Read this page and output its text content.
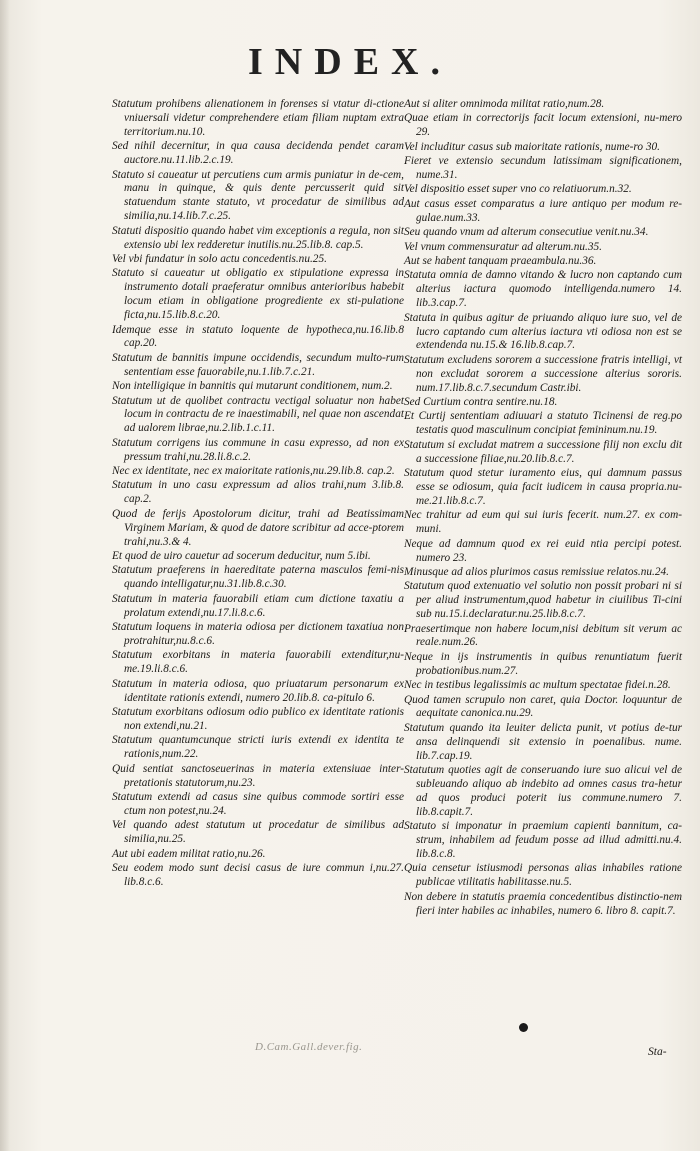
INDEX.

Statutum prohibens alienationem in forenses si vtatur di-ctione vniuersali videtur comprehendere etiam filiam nuptam extra territorium.nu.10.

Sed nihil decernitur, in qua causa decidenda pendet caram auctore.nu.11.lib.2.c.19.

Statuto si caueatur ut percutiens cum armis puniatur in de-cem, manu in quinque, & quis dente percusserit quid sit statuendum stante statuto, vt procedatur de similibus ad similia,nu.14.lib.7.c.25.

Statuti dispositio quando habet vim exceptionis a regula, non sit extensio ubi lex redderetur inutilis.nu.25.lib.8. cap.5.

Vel vbi fundatur in solo actu concedentis.nu.25.

Statuto si caueatur ut obligatio ex stipulatione expressa in instrumento dotali praeferatur omnibus anterioribus habebit locum etiam in obligatione progrediente ex sti-pulatione ficta,nu.15.lib.8.c.20.

Idemque esse in statuto loquente de hypotheca,nu.16.lib.8 cap.20.

Statutum de bannitis impune occidendis, secundum multo-rum sententiam esse fauorabile,nu.1.lib.7.c.21.

Non intelligique in bannitis qui mutarunt conditionem, num.2.

Statutum ut de quolibet contractu vectigal soluatur non habet locum in contractu de re inaestimabili, nel quae non ascendat ad ualorem librae,nu.2.lib.1.c.11.

Statutum corrigens ius commune in casu expresso, ad non ex pressum trahi,nu.28.li.8.c.2.

Nec ex identitate, nec ex maioritate rationis,nu.29.lib.8. cap.2.

Statutum in uno casu expressum ad alios trahi,num 3.lib.8. cap.2.

Quod de ferijs Apostolorum dicitur, trahi ad Beatissimam Virginem Mariam, & quod de datore scribitur ad acce-ptorem trahi,nu.3.& 4.

Et quod de uiro cauetur ad socerum deducitur, num 5.ibi.

Statutum praeferens in haereditate paterna masculos femi-nis quando intelligatur,nu.31.lib.8.c.30.

Statutum in materia fauorabili etiam cum dictione taxatiu a prolatum extendi,nu.17.li.8.c.6.

Statutum loquens in materia odiosa per dictionem taxatiua non protrahitur,nu.8.c.6.

Statutum exorbitans in materia fauorabili extenditur,nu-me.19.li.8.c.6.

Statutum in materia odiosa, quo priuatarum personarum ex identitate rationis extendi, numero 20.lib.8. ca-pitulo 6.

Statutum exorbitans odiosum odio publico ex identitate rationis non extendi,nu.21.

Statutum quantumcunque stricti iuris extendi ex identita te rationis,num.22.

Quid sentiat sanctoseuerinas in materia extensiuae inter-pretationis statutorum,nu.23.

Statutum extendi ad casus sine quibus commode sortiri esse ctum non potest,nu.24.

Vel quando adest statutum ut procedatur de similibus ad similia,nu.25.

Aut ubi eadem militat ratio,nu.26.

Seu eodem modo sunt decisi casus de iure commun i,nu.27. lib.8.c.6.

Aut si aliter omnimoda militat ratio,num.28.

Quae etiam in correctorijs facit locum extensioni, nu-mero 29.

Vel includitur casus sub maioritate rationis, nume-ro 30.

Fieret ve extensio secundum latissimam significationem, nume.31.

Vel dispositio esset super vno co relatiuorum.n.32.

Aut casus esset comparatus a iure antiquo per modum re-gulae.num.33.

Seu quando vnum ad alterum consecutiue venit.nu.34.

Vel vnum commensuratur ad alterum.nu.35.

Aut se habent tanquam praeambula.nu.36.

Statuta omnia de damno vitando & lucro non captando cum alterius iactura quomodo intelligenda.numero 14. lib.3.cap.7.

Statuta in quibus agitur de priuando aliquo iure suo, vel de lucro captando cum alterius iactura vti odiosa non est se extendenda nu.15.& 16.lib.8.cap.7.

Statutum excludens sororem a successione fratris intelligi, vt non excludat sororem a successione alterius sororis. num.17.lib.8.c.7.secundum Castr.ibi.

Sed Curtium contra sentire.nu.18.

Et Curtij sententiam adiuuari a statuto Ticinensi de reg.po testatis quod masculinum concipiat femininum.nu.19.

Statutum si excludat matrem a successione filij non exclu dit a successione filiae,nu.20.lib.8.c.7.

Statutum quod stetur iuramento eius, qui damnum passus esse se odiosum, quia facit iudicem in causa propria.nu-me.21.lib.8.c.7.

Nec trahitur ad eum qui sui iuris fecerit. num.27. ex com-muni.

Neque ad damnum quod ex rei euid ntia percipi potest. numero 23.

Minusque ad alios plurimos casus remissiue relatos.nu.24.

Statutum quod extenuatio vel solutio non possit probari ni si per aliud instrumentum,quod habetur in ciuilibus Ti-cini sub nu.15.i.declaratur.nu.25.lib.8.c.7.

Praesertimque non habere locum,nisi debitum sit verum ac reale.num.26.

Neque in ijs instrumentis in quibus renuntiatum fuerit probationibus.num.27.

Nec in testibus legalissimis ac multum spectatae fidei.n.28.

Quod tamen scrupulo non caret, quia Doctor. loquuntur de aequitate canonica.nu.29.

Statutum quando ita leuiter delicta punit, vt potius de-tur ansa delinquendi sit extensio in poenalibus. nume. lib.7.cap.19.

Statutum quoties agit de conseruando iure suo alicui vel de subleuando aliquo ab indebito ad omnes casus tra-hetur ad quos produci poterit ius commune.numero 7. lib.8.capit.7.

Statuto si imponatur in praemium capienti bannitum, ca-strum, inhabilem ad feudum posse ad illud admitti.nu.4. lib.8.c.8.

Quia censetur istiusmodi personas alias inhabiles ratione publicae vtilitatis habilitasse.nu.5.

Non debere in statutis praemia concedentibus distinctio-nem fieri inter habiles ac inhabiles, numero 6. libro 8. capit.7.

D.Cam.Gall.dever.fig.	Sta-
